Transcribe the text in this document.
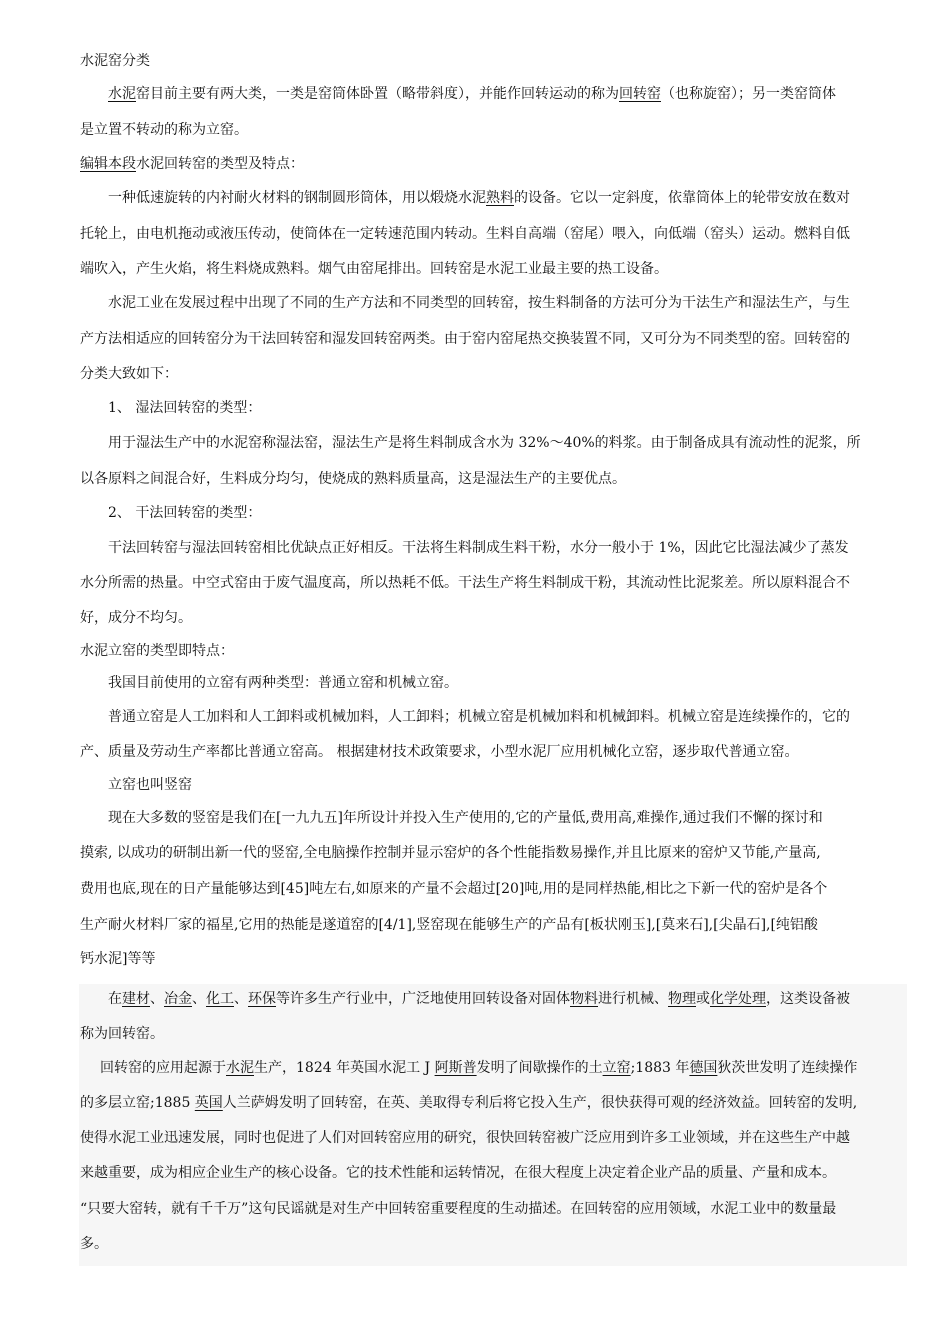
水泥窑分类
水泥窑目前主要有两大类，一类是窑筒体卧置（略带斜度），并能作回转运动的称为回转窑（也称旋窑）；另一类窑筒体
是立置不转动的称为立窑。
编辑本段水泥回转窑的类型及特点：
一种低速旋转的内衬耐火材料的钢制圆形筒体，用以煅烧水泥熟料的设备。它以一定斜度，依靠筒体上的轮带安放在数对
托轮上，由电机拖动或液压传动，使筒体在一定转速范围内转动。生料自高端（窑尾）喂入，向低端（窑头）运动。燃料自低
端吹入，产生火焰，将生料烧成熟料。烟气由窑尾排出。回转窑是水泥工业最主要的热工设备。
水泥工业在发展过程中出现了不同的生产方法和不同类型的回转窑，按生料制备的方法可分为干法生产和湿法生产，与生
产方法相适应的回转窑分为干法回转窑和湿发回转窑两类。由于窑内窑尾热交换装置不同，又可分为不同类型的窑。回转窑的
分类大致如下：
1、 湿法回转窑的类型：
用于湿法生产中的水泥窑称湿法窑，湿法生产是将生料制成含水为 32%～40%的料浆。由于制备成具有流动性的泥浆，所
以各原料之间混合好，生料成分均匀，使烧成的熟料质量高，这是湿法生产的主要优点。
2、 干法回转窑的类型：
干法回转窑与湿法回转窑相比优缺点正好相反。干法将生料制成生料干粉，水分一般小于 1%，因此它比湿法减少了蒸发
水分所需的热量。中空式窑由于废气温度高，所以热耗不低。干法生产将生料制成干粉，其流动性比泥浆差。所以原料混合不
好，成分不均匀。
水泥立窑的类型即特点：
我国目前使用的立窑有两种类型：普通立窑和机械立窑。
普通立窑是人工加料和人工卸料或机械加料，人工卸料；机械立窑是机械加料和机械卸料。机械立窑是连续操作的，它的
产、质量及劳动生产率都比普通立窑高。 根据建材技术政策要求，小型水泥厂应用机械化立窑，逐步取代普通立窑。
立窑也叫竖窑
现在大多数的竖窑是我们在[一九九五]年所设计并投入生产使用的,它的产量低,费用高,难操作,通过我们不懈的探讨和
摸索, 以成功的研制出新一代的竖窑,全电脑操作控制并显示窑炉的各个性能指数易操作,并且比原来的窑炉又节能,产量高,
费用也底,现在的日产量能够达到[45]吨左右,如原来的产量不会超过[20]吨,用的是同样热能,相比之下新一代的窑炉是各个
生产耐火材料厂家的福星,它用的热能是遂道窑的[4/1],竖窑现在能够生产的产品有[板状刚玉],[莫来石],[尖晶石],[纯铝酸
钙水泥]等等
在建材、冶金、化工、环保等许多生产行业中，广泛地使用回转设备对固体物料进行机械、物理或化学处理，这类设备被
称为回转窑。
回转窑的应用起源于水泥生产，1824 年英国水泥工 J 阿斯普发明了间歇操作的土立窑;1883 年德国狄茨世发明了连续操作
的多层立窑;1885 英国人兰萨姆发明了回转窑，在英、美取得专利后将它投入生产，很快获得可观的经济效益。回转窑的发明,
使得水泥工业迅速发展，同时也促进了人们对回转窑应用的研究，很快回转窑被广泛应用到许多工业领域，并在这些生产中越
来越重要，成为相应企业生产的核心设备。它的技术性能和运转情况，在很大程度上决定着企业产品的质量、产量和成本。
“只要大窑转，就有千千万”这句民谣就是对生产中回转窑重要程度的生动描述。在回转窑的应用领域，水泥工业中的数量最
多。
